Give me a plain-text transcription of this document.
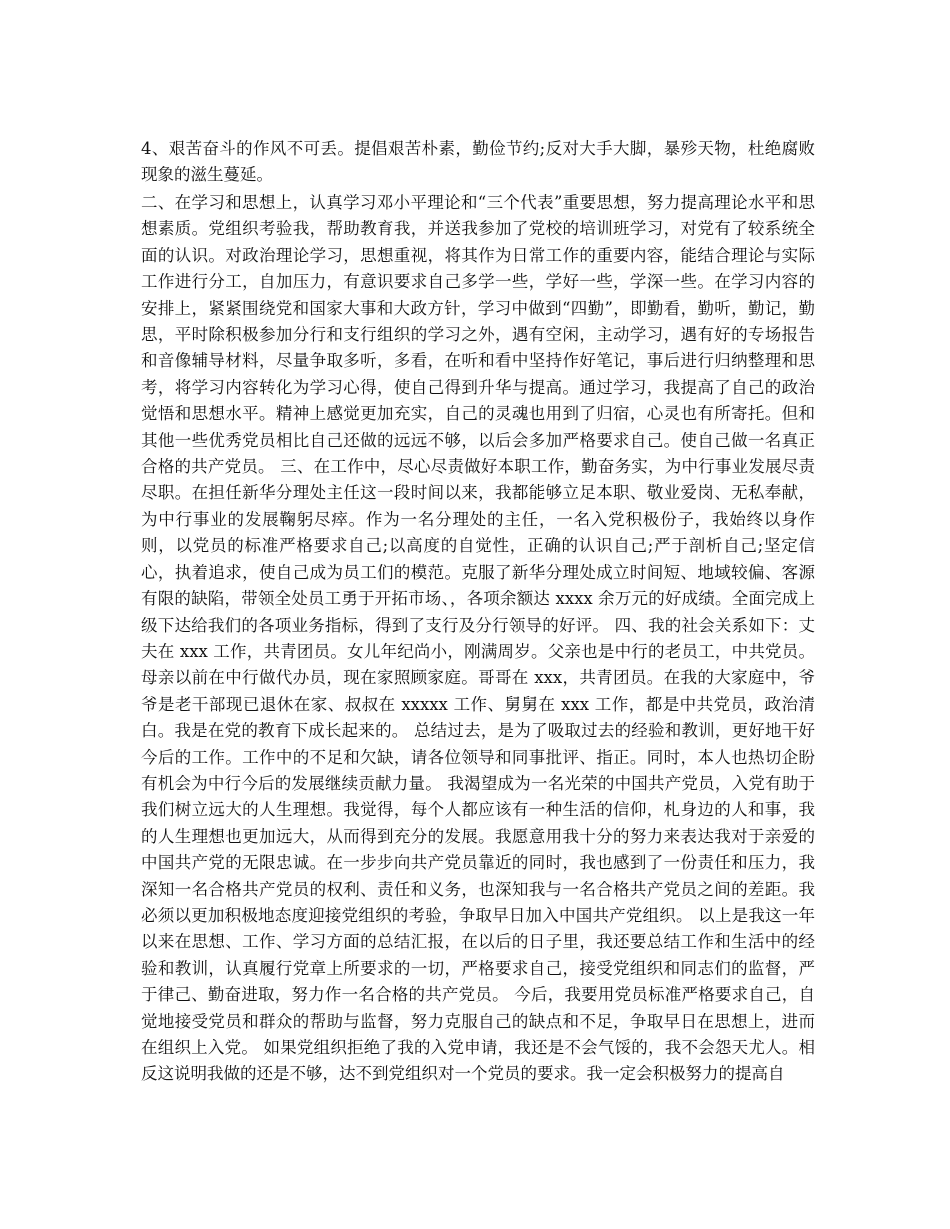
4、艰苦奋斗的作风不可丢。提倡艰苦朴素，勤俭节约;反对大手大脚，暴殄天物，杜绝腐败现象的滋生蔓延。

二、在学习和思想上，认真学习邓小平理论和“三个代表”重要思想，努力提高理论水平和思想素质。党组织考验我，帮助教育我，并送我参加了党校的培训班学习，对党有了较系统全面的认识。对政治理论学习，思想重视，将其作为日常工作的重要内容，能结合理论与实际工作进行分工，自加压力，有意识要求自己多学一些，学好一些，学深一些。在学习内容的安排上，紧紧围绕党和国家大事和大政方针，学习中做到“四勤”，即勤看，勤听，勤记，勤思，平时除积极参加分行和支行组织的学习之外，遇有空闲，主动学习，遇有好的专场报告和音像辅导材料，尽量争取多听，多看，在听和看中坚持作好笔记，事后进行归纳整理和思考，将学习内容转化为学习心得，使自己得到升华与提高。通过学习，我提高了自己的政治觉悟和思想水平。精神上感觉更加充实，自己的灵魂也用到了归宿，心灵也有所寄托。但和其他一些优秀党员相比自己还做的远远不够，以后会多加严格要求自己。使自己做一名真正合格的共产党员。 三、在工作中，尽心尽责做好本职工作，勤奋务实，为中行事业发展尽责尽职。在担任新华分理处主任这一段时间以来，我都能够立足本职、敬业爱岗、无私奉献，为中行事业的发展鞠躬尽瘁。作为一名分理处的主任，一名入党积极份子，我始终以身作则，以党员的标准严格要求自己;以高度的自觉性，正确的认识自己;严于剖析自己;坚定信心，执着追求，使自己成为员工们的模范。克服了新华分理处成立时间短、地域较偏、客源有限的缺陷，带领全处员工勇于开拓市场、，各项余额达 xxxx 余万元的好成绩。全面完成上级下达给我们的各项业务指标，得到了支行及分行领导的好评。 四、我的社会关系如下：丈夫在 xxx 工作，共青团员。女儿年纪尚小，刚满周岁。父亲也是中行的老员工，中共党员。母亲以前在中行做代办员，现在家照顾家庭。哥哥在 xxx，共青团员。在我的大家庭中，爷爷是老干部现已退休在家、叔叔在 xxxxx 工作、舅舅在 xxx 工作，都是中共党员，政治清白。我是在党的教育下成长起来的。 总结过去，是为了吸取过去的经验和教训，更好地干好今后的工作。工作中的不足和欠缺，请各位领导和同事批评、指正。同时，本人也热切企盼有机会为中行今后的发展继续贡献力量。 我渴望成为一名光荣的中国共产党员，入党有助于我们树立远大的人生理想。我觉得，每个人都应该有一种生活的信仰，札身边的人和事，我的人生理想也更加远大，从而得到充分的发展。我愿意用我十分的努力来表达我对于亲爱的中国共产党的无限忠诚。在一步步向共产党员靠近的同时，我也感到了一份责任和压力，我深知一名合格共产党员的权利、责任和义务，也深知我与一名合格共产党员之间的差距。我必须以更加积极地态度迎接党组织的考验，争取早日加入中国共产党组织。 以上是我这一年以来在思想、工作、学习方面的总结汇报，在以后的日子里，我还要总结工作和生活中的经验和教训，认真履行党章上所要求的一切，严格要求自己，接受党组织和同志们的监督，严于律己、勤奋进取，努力作一名合格的共产党员。 今后，我要用党员标准严格要求自己，自觉地接受党员和群众的帮助与监督，努力克服自己的缺点和不足，争取早日在思想上，进而在组织上入党。 如果党组织拒绝了我的入党申请，我还是不会气馁的，我不会怨天尤人。相反这说明我做的还是不够，达不到党组织对一个党员的要求。我一定会积极努力的提高自
